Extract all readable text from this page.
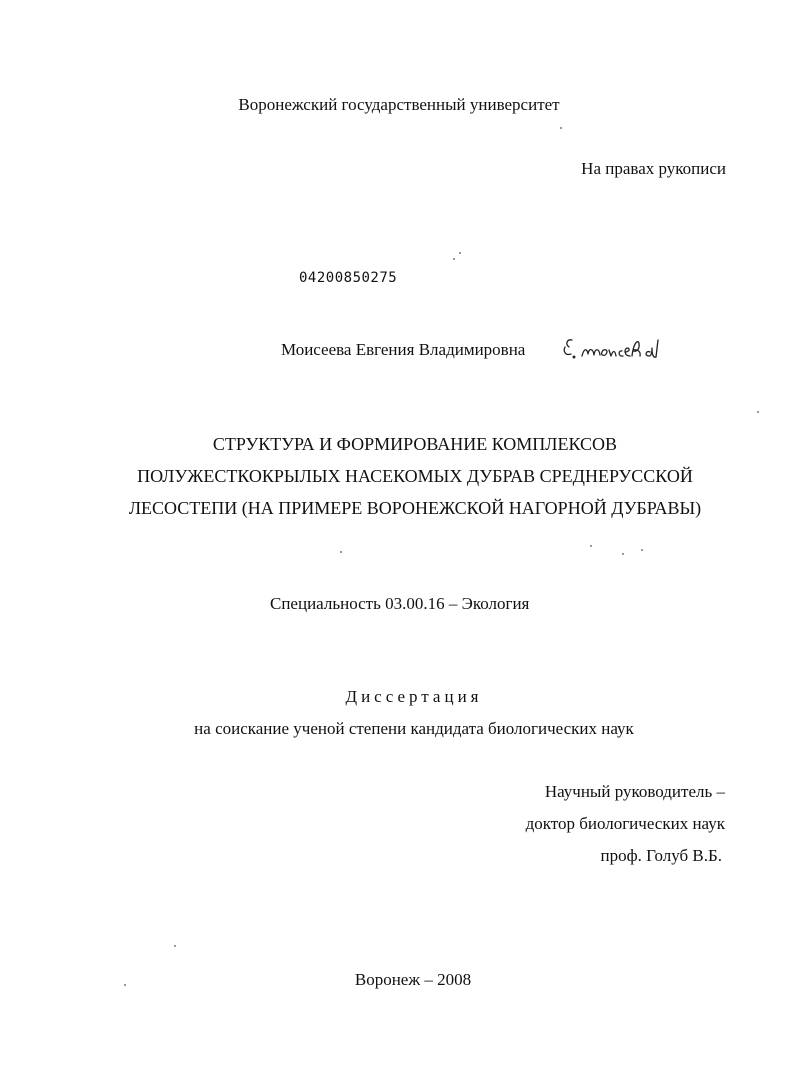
Воронежский государственный университет
На правах рукописи
04200850275
Моисеева Евгения Владимировна
СТРУКТУРА И ФОРМИРОВАНИЕ КОМПЛЕКСОВ
ПОЛУЖЕСТКОКРЫЛЫХ НАСЕКОМЫХ ДУБРАВ СРЕДНЕРУССКОЙ
ЛЕСОСТЕПИ (НА ПРИМЕРЕ ВОРОНЕЖСКОЙ НАГОРНОЙ ДУБРАВЫ)
Специальность 03.00.16 – Экология
Диссертация
на соискание ученой степени кандидата биологических наук
Научный руководитель –
доктор биологических наук
проф. Голуб В.Б.
Воронеж – 2008
